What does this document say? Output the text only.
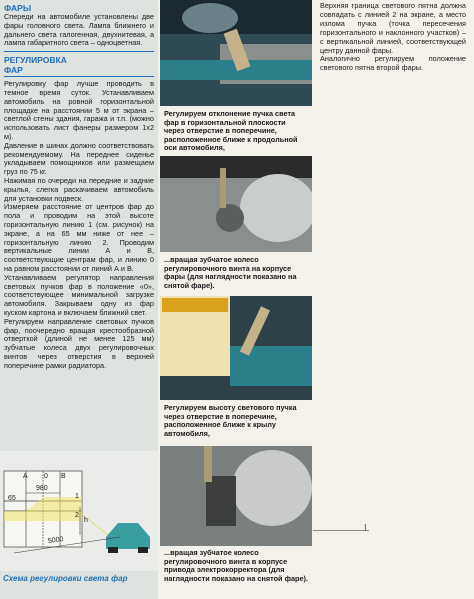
ФАРЫ

Спереди на автомобиле установлены две фары головного света. Лампа ближнего и дальнего света галогенная, двухнитевая, а лампа габаритного света – одноцветная.

РЕГУЛИРОВКА ФАР

Регулировку фар лучше проводить в темное время суток. Устанавливаем автомобиль на ровной горизонтальной площадке на расстоянии 5 м от экрана – светлой стены здания, гаража и т.п. (можно использовать лист фанеры размером 1х2 м).

Давление в шинах должно соответствовать рекомендуемому. На переднее сиденье укладываем помощников или размещаем груз по 75 кг.

Нажимая по очереди на передние и задние крылья, слегка раскачиваем автомобиль для установки подвеск.

Измеряем расстояние от центров фар до пола и проводим на этой высоте горизонтальную линию 1 (см. рисунок) на экране, а на 65 мм ниже от нее – горизонтальную линию 2. Проводим вертикальные линии А и В, соответствующие центрам фар, и линию 0 на равном расстоянии от линий А и В.

Устанавливаем регулятор направления световых пучков фар в положение «0», соответствующее минимальной загрузке автомобиля. Закрываем одну из фар куском картона и включаем ближний свет.

Регулируем направление световых пучков фар, поочередно вращая крестообразной отверткой (длиной не менее 125 мм) зубчатые колеса двух регулировочных винтов через отверстия в верхней поперечине рамки радиатора.

65
980
A 0 B
1
2
h
5000
Схема регулировки света фар
Регулируем отклонение пучка света фар в горизонтальной плоскости через отверстие в поперечине, расположенное ближе к продольной оси автомобиля,
...вращая зубчатое колесо регулировочного винта на корпусе фары (для наглядности показано на снятой фаре).
Регулируем высоту светового пучка через отверстие в поперечине, расположенное ближе к крылу автомобиля,
...вращая зубчатое колесо регулировочного винта в корпусе привода электрокорректора (для наглядности показано на снятой фаре).

Верхняя граница светового пятна должна совпадать с линией 2 на экране, а место излома пучка (точка пересечения горизонтального и наклонного участков) – с вертикальной линией, соответствующей центру данной фары.

Аналогично регулируем положение светового пятна второй фары.

I
